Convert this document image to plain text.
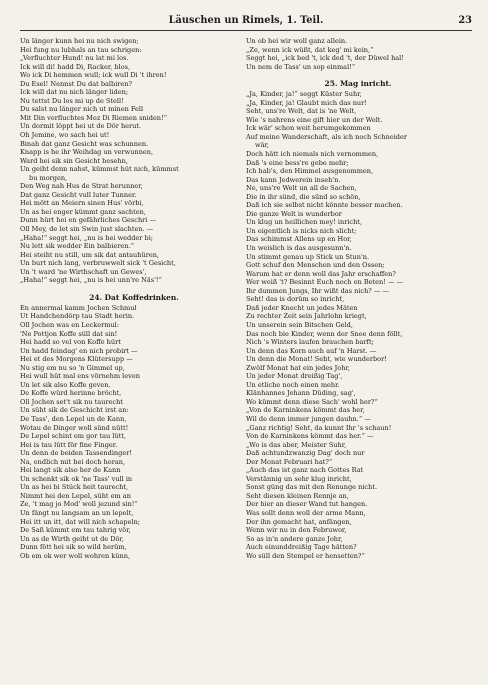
Läuschen un Rimels, 1. Teil.	23
Un länger kunn hei nu nich swigen;
Hei fung nu lubhals an tau schrigen:
„Verfluchter Hund! nu lat mi los.
Ick will di! hadd Di, Racker, blos,
Wo ick Di hemmen wull; ick wull Di 't ihren!
Du Esel! Nennst Du dat balbiren?
Ick will dat nu nich länger liden;
Nu tettst Du los mi up de Stell!
Du salst nu länger nich ut minen Fell
Mit Din verfluchtes Mez Di Riemen sniden!“
Un dormit löppt hei ut de Dör herut.
Oh Jemine, wo sach hei ut!
Binah dat ganz Gesicht was schunnen.
Knapp is he ihr Weihdag un verwunnen,
Ward hei sik sin Gesicht besehn,
Un geiht denn nahst, kümmst hüt nich, kümmst
bu morgen,
Den Weg nah Hus de Strat herunner,
Dat ganz Gesicht vull luter Tunner.
Hei mött an Meiern sinen Hus' vörbi,
Un as hei enger kümmt ganz sachten,
Dunn hürt hei en gefährliches Geschri —
Oll Mey, de let sin Swin just slachten. —
„Haha!“ seggt hei, „nu is hei wedder bi;
Nu lett sik wedder Ein balbieren.“
Hei steiht nu still, um sik dat antauhüren,
Un burt nich lang, verbruwwelt sick 't Gesicht,
Un 't ward 'ne Wirthschaft un Gewes',
„Haha!“ seggt hei, „nu is hei unn're Näs'!“
24. Dat Koffedrinken.
En annermal kamm Jochen Schmul
Ut Handchendörp tau Stadt herin.
Oll Jochen was en Leckermul:
'Ne Pottjon Koffe süll dat sin!
Hei hadd so vel von Koffe hürt
Un hadd feindag' en nich probirt —
Hei et des Morgens Klütersupp —
Nu stig em nu so 'n Gimmel up,
Hei wull hüt mal ens vörnehm leven
Un let sik also Koffe geven.
De Koffe würd herinne bröcht,
Oll Jochen set't sik nu taurecht
Un süht sik de Geschicht irst an:
De Tass', den Lepel un de Kann,
Wotau de Dinger woll sünd nütt!
De Lepel schint em gor tau lütt,
Hei is tau lütt för fine Finger.
Un denn de beiden Tassendinger!
Na, endlich mit hei doch heran,
Hei langt sik also her de Kann
Un schenkt sik ok 'ne Tass' vull in
Un as hei bi Stück heit taurecht,
Nimmt hei den Lepel, süht em an
Ze, 't mag jo Mod' woll jezund sin!“
Un fängt nu langsam an un lepelt,
Hei itt un itt, dat will nich schapeln;
De Saß kümmt em tau tahrig vör,
Un as de Wirth geiht ut de Dör,
Dunn fött hei sik so wild herüm,
Ob em ok wer woll wohren künn,
Un ob hei wir woll ganz allein.
„Ze, wenn ick wüßt, dat keg' mi kein,“
Seggt hei, „ick bed 't, ick ded 't, der Düwel hal!
Un nem de Tass' un sop einmal!“
25. Mag inricht.
„Ja, Kinder, ja!“ seggt Küster Suhr,
„Ja, Kinder, ja! Glaubt mich das nur!
Seht, uns're Welt, dat is 'ne Welt,
Wie 's nahrens eine gift hier un der Welt.
Ick wär' schon weit herumgekommen
Auf meine Wanderschaft, als ich noch Schneider
wär,
Doch hätt ich niemals nich vernommen,
Daß 's eine bess're gebe mehr;
Ich hab's, den Himmel ausgenommen,
Das kann Jedwerein inseh'n.
Ne, uns're Welt un all de Sachen,
Die in ihr sünd, die sünd so schön,
Daß ich sie selbst nicht könnte besser machen.
Die ganze Welt is wunderbor
Un klug un heillichen mey! inricht,
Un eigentlich is nicks nich slicht;
Das schimmst Allens up en Hor,
Un weislich is das ausgesunn'n.
Un stimmt genau up Stick un Stun'n.
Gott schuf den Menschen und den Ossen;
Warum hat er denn woll das Jahr erschaffen?
Wer weiß 't? Besinnt Euch noch en Beten! — —
Ihr dummen Jungs, Ihr wißt das nich? — —
Seht! das is dorüm so inricht,
Daß jeder Knecht un jedes Mäten
Zu rechter Zeit sein Jahrlohn kriegt,
Un unserein sein Bitschen Geld,
Das noch bie Kinder, wenn der Snee denn föllt,
Nich 's Winters laufen brauchen barft;
Un denn das Korn auch auf 'n Harst. —
Un denn die Monat! Seht, wie wunderbor!
Zwölf Monat hat ein jedes Johr,
Un jeder Monat dreißig Tag',
Un etliche noch einen mehr.
Klänhannes Jehann Düding, sag',
Wo kümmt denn diese Sach' wohl her?“
„Von de Karninkens kömmt das her,
Wil de denn immer jungen dauhn.“ —
„Ganz richtig! Seht, da kunnt Ihr 's schaun!
Von de Karninkens kömmt das her.“ —
„Wo is das aber, Meister Suhr,
Daß achtundzwanzig Dag' doch nur
Der Monat Februari hat?“
„Auch das ist ganz nach Gottes Rat
Verstännig un sehr klug inricht,
Sonst güng das mit den Renunge nicht.
Seht diesen kleinen Rennje an,
Der hier an dieser Wand tut hangen.
Was sollt denn woll der arme Mann,
Der ihn gemacht hat, anfängen,
Wenn wir nu in den Februwor,
So as in'n andere ganze Johr,
Auch einunddreißig Tage hätten?
Wo süll den Stempel er hensetten?“
